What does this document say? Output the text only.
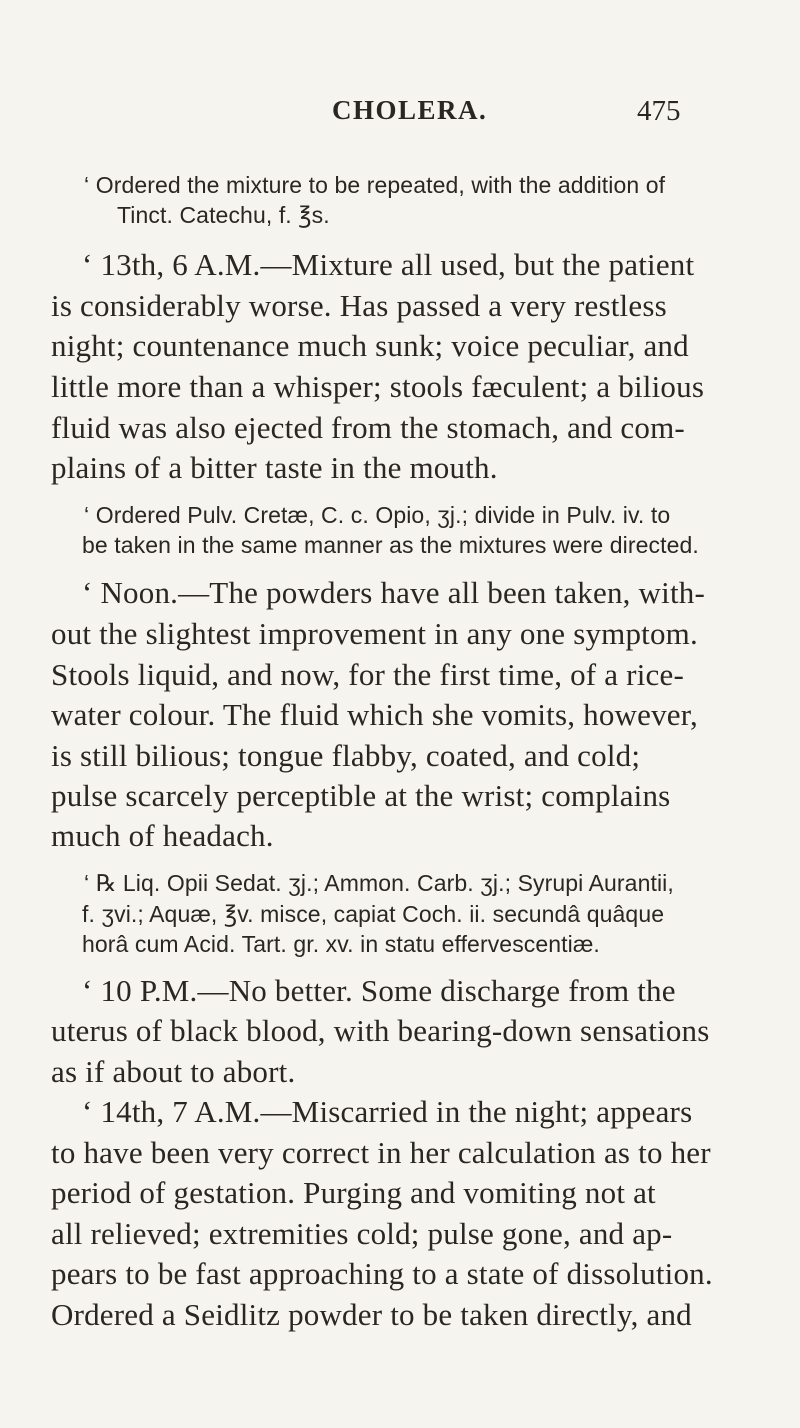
CHOLERA.	475
‘ Ordered the mixture to be repeated, with the addition of
Tinct. Catechu, f. ℥s.
‘ 13th, 6 A.M.—Mixture all used, but the patient
is considerably worse. Has passed a very restless
night; countenance much sunk; voice peculiar, and
little more than a whisper; stools fæculent; a bilious
fluid was also ejected from the stomach, and com-
plains of a bitter taste in the mouth.
‘ Ordered Pulv. Cretæ, C. c. Opio, ʒj.; divide in Pulv. iv. to
be taken in the same manner as the mixtures were directed.
‘ Noon.—The powders have all been taken, with-
out the slightest improvement in any one symptom.
Stools liquid, and now, for the first time, of a rice-
water colour. The fluid which she vomits, however,
is still bilious; tongue flabby, coated, and cold;
pulse scarcely perceptible at the wrist; complains
much of headach.
‘ ℞ Liq. Opii Sedat. ʒj.; Ammon. Carb. ʒj.; Syrupi Aurantii,
f. ʒvi.; Aquæ, ℥v. misce, capiat Coch. ii. secundâ quâque
horâ cum Acid. Tart. gr. xv. in statu effervescentiæ.
‘ 10 P.M.—No better. Some discharge from the
uterus of black blood, with bearing-down sensations
as if about to abort.
‘ 14th, 7 A.M.—Miscarried in the night; appears
to have been very correct in her calculation as to her
period of gestation. Purging and vomiting not at
all relieved; extremities cold; pulse gone, and ap-
pears to be fast approaching to a state of dissolution.
Ordered a Seidlitz powder to be taken directly, and
